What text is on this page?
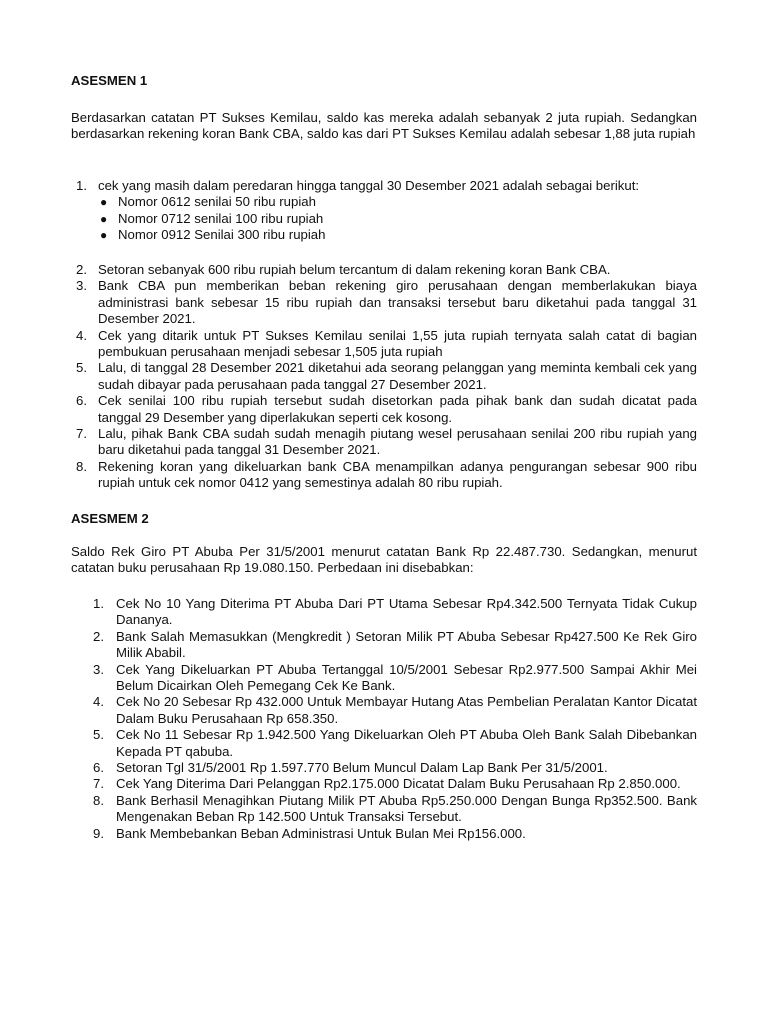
ASESMEN 1

Berdasarkan catatan PT Sukses Kemilau, saldo kas mereka adalah sebanyak 2 juta rupiah. Sedangkan berdasarkan rekening koran Bank CBA, saldo kas dari PT Sukses Kemilau adalah sebesar 1,88 juta rupiah

1. cek yang masih dalam peredaran hingga tanggal 30 Desember 2021 adalah sebagai berikut:
● Nomor 0612 senilai 50 ribu rupiah
● Nomor 0712 senilai 100 ribu rupiah
● Nomor 0912 Senilai 300 ribu rupiah
2. Setoran sebanyak 600 ribu rupiah belum tercantum di dalam rekening koran Bank CBA.
3. Bank CBA pun memberikan beban rekening giro perusahaan dengan memberlakukan biaya administrasi bank sebesar 15 ribu rupiah dan transaksi tersebut baru diketahui pada tanggal 31 Desember 2021.
4. Cek yang ditarik untuk PT Sukses Kemilau senilai 1,55 juta rupiah ternyata salah catat di bagian pembukuan perusahaan menjadi sebesar 1,505 juta rupiah
5. Lalu, di tanggal 28 Desember 2021 diketahui ada seorang pelanggan yang meminta kembali cek yang sudah dibayar pada perusahaan pada tanggal 27 Desember 2021.
6. Cek senilai 100 ribu rupiah tersebut sudah disetorkan pada pihak bank dan sudah dicatat pada tanggal 29 Desember yang diperlakukan seperti cek kosong.
7. Lalu, pihak Bank CBA sudah sudah menagih piutang wesel perusahaan senilai 200 ribu rupiah yang baru diketahui pada tanggal 31 Desember 2021.
8. Rekening koran yang dikeluarkan bank CBA menampilkan adanya pengurangan sebesar 900 ribu rupiah untuk cek nomor 0412 yang semestinya adalah 80 ribu rupiah.
ASESMEM 2

Saldo Rek Giro PT Abuba Per 31/5/2001 menurut catatan Bank Rp 22.487.730. Sedangkan, menurut catatan buku perusahaan Rp 19.080.150. Perbedaan ini disebabkan:

1. Cek No 10 Yang Diterima PT Abuba Dari PT Utama Sebesar Rp4.342.500 Ternyata Tidak Cukup Dananya.
2. Bank Salah Memasukkan (Mengkredit ) Setoran Milik PT Abuba Sebesar Rp427.500 Ke Rek Giro Milik Ababil.
3. Cek Yang Dikeluarkan PT Abuba Tertanggal 10/5/2001 Sebesar Rp2.977.500 Sampai Akhir Mei Belum Dicairkan Oleh Pemegang Cek Ke Bank.
4. Cek No 20 Sebesar Rp 432.000 Untuk Membayar Hutang Atas Pembelian Peralatan Kantor Dicatat Dalam Buku Perusahaan Rp 658.350.
5. Cek No 11 Sebesar Rp 1.942.500 Yang Dikeluarkan Oleh PT Abuba Oleh Bank Salah Dibebankan Kepada PT qabuba.
6. Setoran Tgl 31/5/2001 Rp 1.597.770 Belum Muncul Dalam Lap Bank Per 31/5/2001.
7. Cek Yang Diterima Dari Pelanggan Rp2.175.000 Dicatat Dalam Buku Perusahaan Rp 2.850.000.
8. Bank Berhasil Menagihkan Piutang Milik PT Abuba Rp5.250.000 Dengan Bunga Rp352.500. Bank Mengenakan Beban Rp 142.500 Untuk Transaksi Tersebut.
9. Bank Membebankan Beban Administrasi Untuk Bulan Mei Rp156.000.
